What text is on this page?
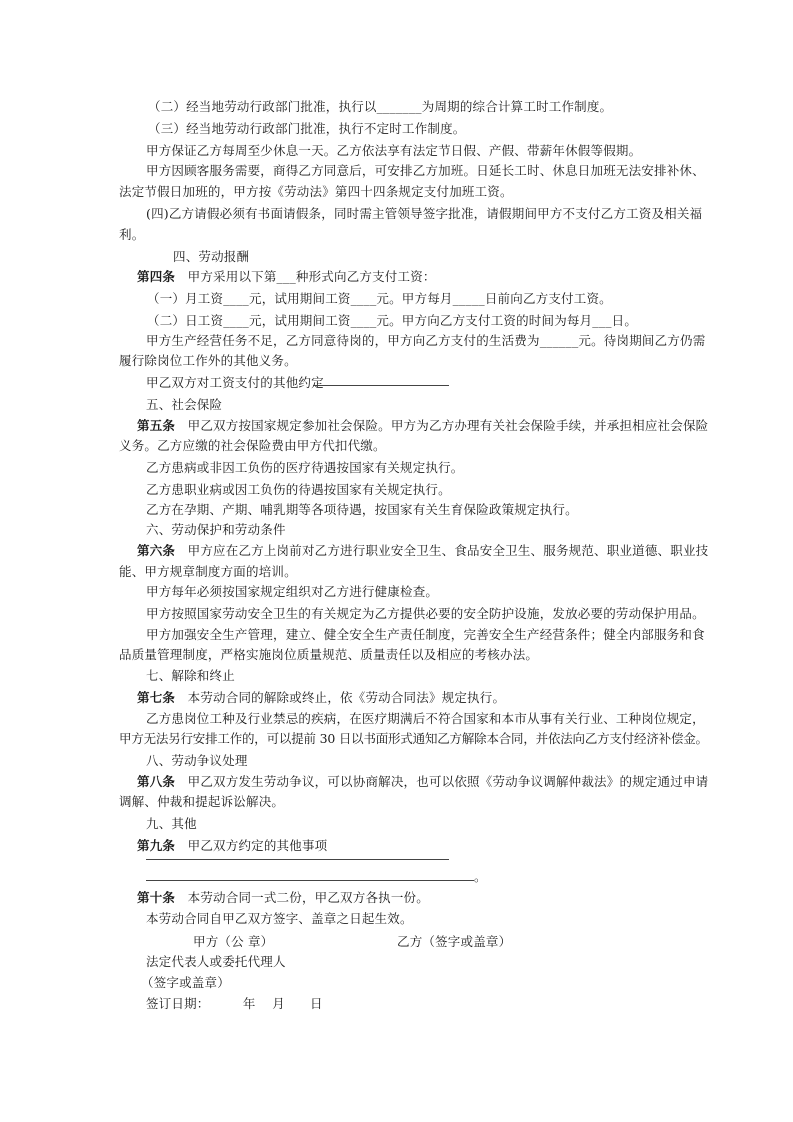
（二）经当地劳动行政部门批准，执行以_______为周期的综合计算工时工作制度。
（三）经当地劳动行政部门批准，执行不定时工作制度。
甲方保证乙方每周至少休息一天。乙方依法享有法定节日假、产假、带薪年休假等假期。
甲方因顾客服务需要，商得乙方同意后，可安排乙方加班。日延长工时、休息日加班无法安排补休、
法定节假日加班的，甲方按《劳动法》第四十四条规定支付加班工资。
(四)乙方请假必须有书面请假条，同时需主管领导签字批准，请假期间甲方不支付乙方工资及相关福
利。
四、劳动报酬
第四条 甲方采用以下第___种形式向乙方支付工资：
（一）月工资____元，试用期间工资____元。甲方每月_____日前向乙方支付工资。
（二）日工资____元，试用期间工资____元。甲方向乙方支付工资的时间为每月___日。
甲方生产经营任务不足，乙方同意待岗的，甲方向乙方支付的生活费为______元。待岗期间乙方仍需
履行除岗位工作外的其他义务。
甲乙双方对工资支付的其他约定
五、社会保险
第五条 甲乙双方按国家规定参加社会保险。甲方为乙方办理有关社会保险手续，并承担相应社会保险
义务。乙方应缴的社会保险费由甲方代扣代缴。
乙方患病或非因工负伤的医疗待遇按国家有关规定执行。
乙方患职业病或因工负伤的待遇按国家有关规定执行。
乙方在孕期、产期、哺乳期等各项待遇，按国家有关生育保险政策规定执行。
六、劳动保护和劳动条件
第六条 甲方应在乙方上岗前对乙方进行职业安全卫生、食品安全卫生、服务规范、职业道德、职业技
能、甲方规章制度方面的培训。
甲方每年必须按国家规定组织对乙方进行健康检查。
甲方按照国家劳动安全卫生的有关规定为乙方提供必要的安全防护设施，发放必要的劳动保护用品。
甲方加强安全生产管理，建立、健全安全生产责任制度，完善安全生产经营条件；健全内部服务和食
品质量管理制度，严格实施岗位质量规范、质量责任以及相应的考核办法。
七、解除和终止
第七条 本劳动合同的解除或终止，依《劳动合同法》规定执行。
乙方患岗位工种及行业禁忌的疾病，在医疗期满后不符合国家和本市从事有关行业、工种岗位规定，
甲方无法另行安排工作的，可以提前 30 日以书面形式通知乙方解除本合同，并依法向乙方支付经济补偿金。
八、劳动争议处理
第八条 甲乙双方发生劳动争议，可以协商解决，也可以依照《劳动争议调解仲裁法》的规定通过申请
调解、仲裁和提起诉讼解决。
九、其他
第九条 甲乙双方约定的其他事项
。
第十条 本劳动合同一式二份，甲乙双方各执一份。
本劳动合同自甲乙双方签字、盖章之日起生效。
甲方（公 章）	乙方（签字或盖章）
法定代表人或委托代理人
（签字或盖章）
签订日期：        年    月      日
